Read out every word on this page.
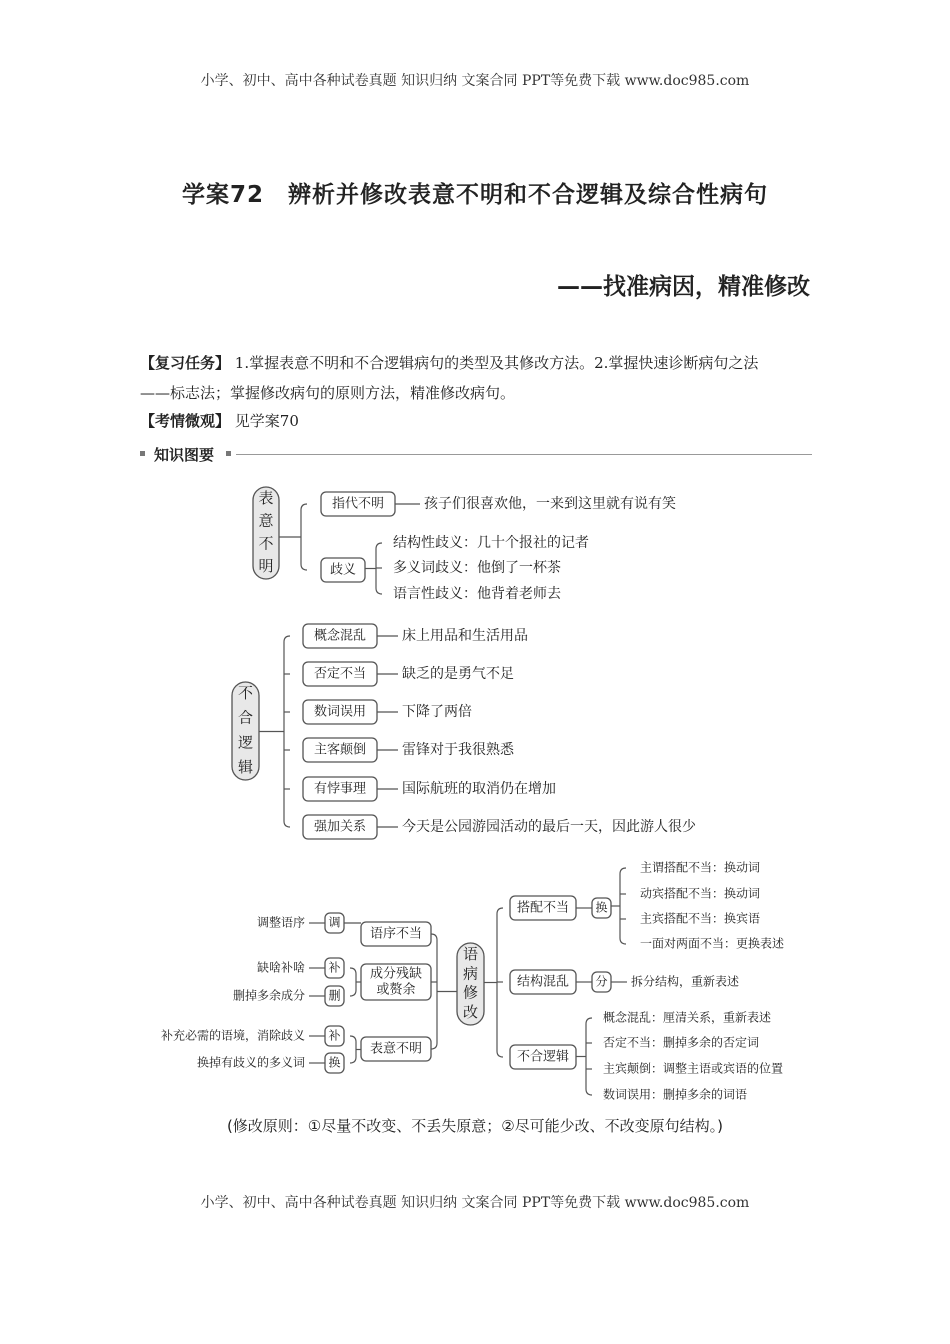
小学、初中、高中各种试卷真题 知识归纳 文案合同 PPT等免费下载 www.doc985.com
学案72　辨析并修改表意不明和不合逻辑及综合性病句
——找准病因，精准修改
【复习任务】 1.掌握表意不明和不合逻辑病句的类型及其修改方法。2.掌握快速诊断病句之法
——标志法；掌握修改病句的原则方法，精准修改病句。
【考情微观】 见学案70
知识图要
表
意
不
明
指代不明	孩子们很喜欢他，一来到这里就有说有笑
歧义
结构性歧义：几十个报社的记者
多义词歧义：他倒了一杯茶
语言性歧义：他背着老师去
不
合
逻
辑
概念混乱	床上用品和生活用品
否定不当	缺乏的是勇气不足
数词误用	下降了两倍
主客颠倒	雷锋对于我很熟悉
有悖事理	国际航班的取消仍在增加
强加关系	今天是公园游园活动的最后一天，因此游人很少
语
病
修
改
语序不当
成分残缺
或赘余
表意不明
调
调整语序
补
缺啥补啥
删
删掉多余成分
补
补充必需的语境，消除歧义
换
换掉有歧义的多义词
搭配不当 换
主谓搭配不当：换动词
动宾搭配不当：换动词
主宾搭配不当：换宾语
一面对两面不当：更换表述
结构混乱 分 拆分结构，重新表述
不合逻辑
概念混乱：厘清关系，重新表述
否定不当：删掉多余的否定词
主宾颠倒：调整主语或宾语的位置
数词误用：删掉多余的词语
(修改原则：①尽量不改变、不丢失原意；②尽可能少改、不改变原句结构。)
小学、初中、高中各种试卷真题 知识归纳 文案合同 PPT等免费下载 www.doc985.com
